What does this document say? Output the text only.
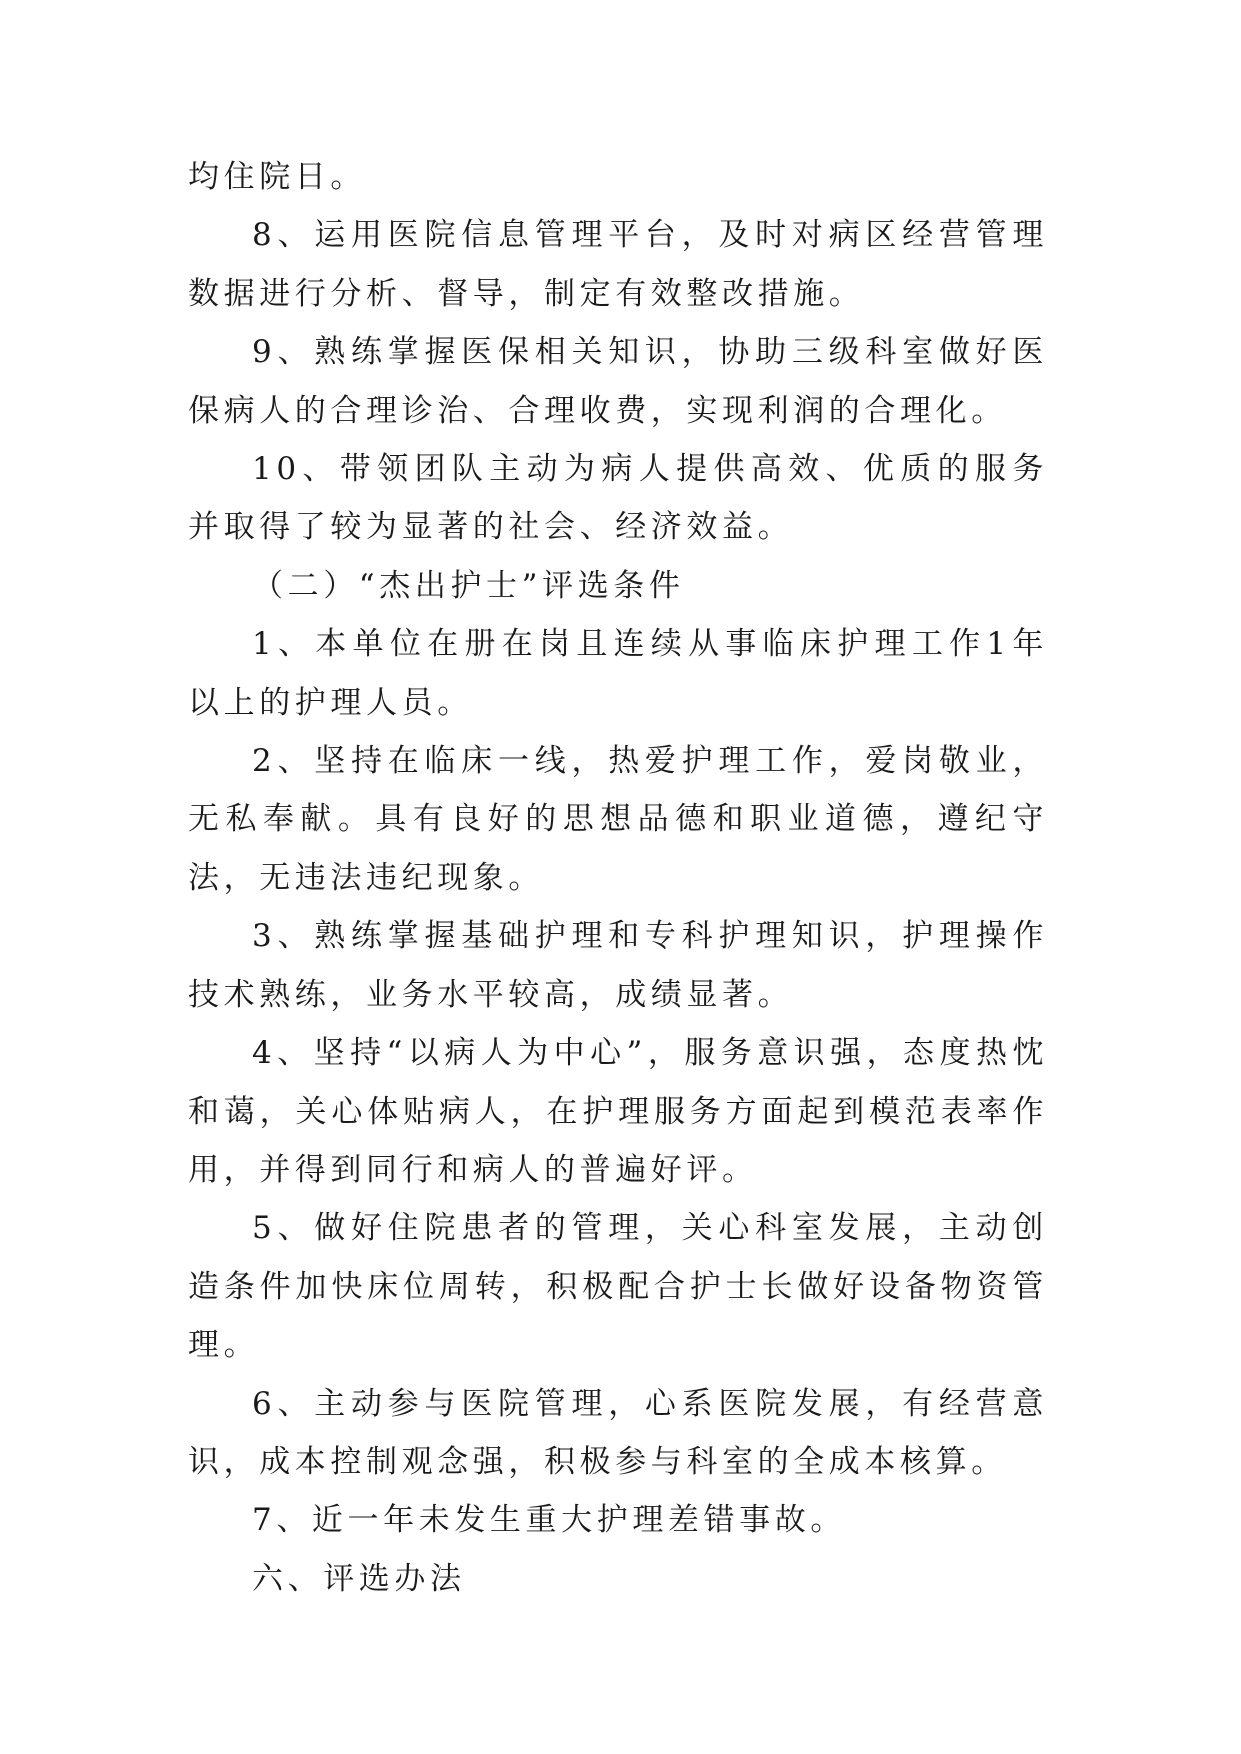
均住院日。

8、运用医院信息管理平台，及时对病区经营管理数据进行分析、督导，制定有效整改措施。

9、熟练掌握医保相关知识，协助三级科室做好医保病人的合理诊治、合理收费，实现利润的合理化。

10、带领团队主动为病人提供高效、优质的服务并取得了较为显著的社会、经济效益。

（二）“杰出护士”评选条件

1、本单位在册在岗且连续从事临床护理工作1年以上的护理人员。

2、坚持在临床一线，热爱护理工作，爱岗敬业，无私奉献。具有良好的思想品德和职业道德，遵纪守法，无违法违纪现象。

3、熟练掌握基础护理和专科护理知识，护理操作技术熟练，业务水平较高，成绩显著。

4、坚持“以病人为中心”，服务意识强，态度热忱和蔼，关心体贴病人，在护理服务方面起到模范表率作用，并得到同行和病人的普遍好评。

5、做好住院患者的管理，关心科室发展，主动创造条件加快床位周转，积极配合护士长做好设备物资管理。

6、主动参与医院管理，心系医院发展，有经营意识，成本控制观念强，积极参与科室的全成本核算。

7、近一年未发生重大护理差错事故。

六、评选办法
